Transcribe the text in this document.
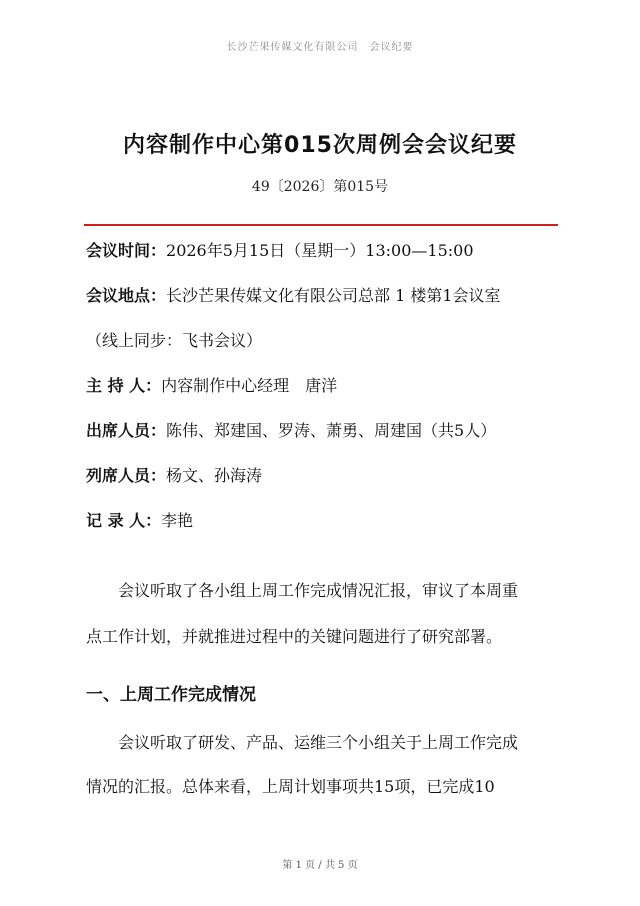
长沙芒果传媒文化有限公司　会议纪要
内容制作中心第015次周例会会议纪要
49〔2026〕第015号
会议时间：2026年5月15日（星期一）13:00—15:00
会议地点：长沙芒果传媒文化有限公司总部 1 楼第1会议室
（线上同步：飞书会议）
主 持 人：内容制作中心经理　唐洋
出席人员：陈伟、郑建国、罗涛、萧勇、周建国（共5人）
列席人员：杨文、孙海涛
记 录 人：李艳
会议听取了各小组上周工作完成情况汇报，审议了本周重
点工作计划，并就推进过程中的关键问题进行了研究部署。
一、上周工作完成情况
会议听取了研发、产品、运维三个小组关于上周工作完成
情况的汇报。总体来看，上周计划事项共15项，已完成10
第 1 页 / 共 5 页
